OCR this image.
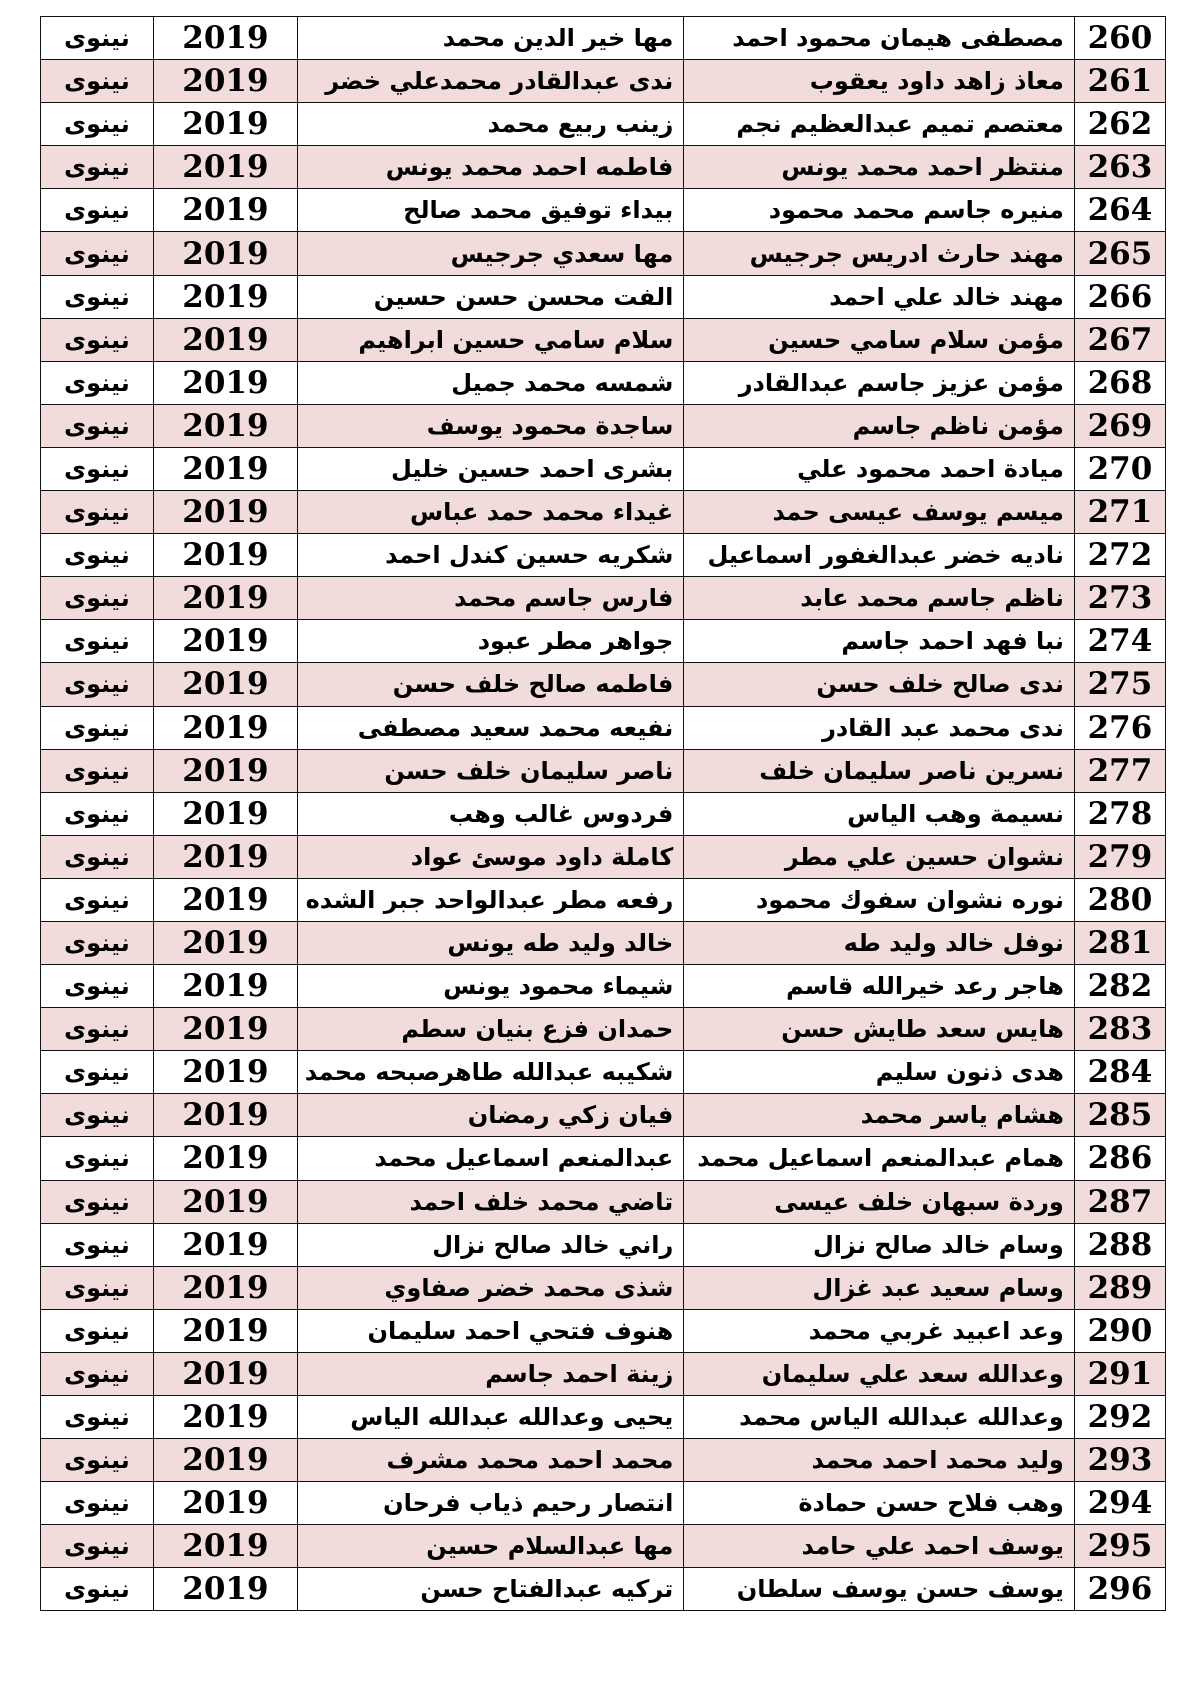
260	مصطفى هيمان محمود احمد	مها خير الدين محمد	2019	نينوى
261	معاذ زاهد داود يعقوب	ندى عبدالقادر محمدعلي خضر	2019	نينوى
262	معتصم تميم عبدالعظيم نجم	زينب ربيع محمد	2019	نينوى
263	منتظر احمد محمد يونس	فاطمه احمد محمد يونس	2019	نينوى
264	منيره جاسم محمد محمود	بيداء توفيق محمد صالح	2019	نينوى
265	مهند حارث ادريس جرجيس	مها سعدي جرجيس	2019	نينوى
266	مهند خالد علي احمد	الفت محسن حسن حسين	2019	نينوى
267	مؤمن سلام سامي حسين	سلام سامي حسين ابراهيم	2019	نينوى
268	مؤمن عزيز جاسم عبدالقادر	شمسه محمد جميل	2019	نينوى
269	مؤمن ناظم جاسم	ساجدة محمود يوسف	2019	نينوى
270	ميادة احمد محمود علي	بشرى احمد حسين خليل	2019	نينوى
271	ميسم يوسف عيسى حمد	غيداء محمد حمد عباس	2019	نينوى
272	ناديه خضر عبدالغفور اسماعيل	شكريه حسين كندل احمد	2019	نينوى
273	ناظم جاسم محمد عابد	فارس جاسم محمد	2019	نينوى
274	نبا فهد احمد جاسم	جواهر مطر عبود	2019	نينوى
275	ندى صالح خلف حسن	فاطمه صالح خلف حسن	2019	نينوى
276	ندى محمد عبد القادر	نفيعه محمد سعيد مصطفى	2019	نينوى
277	نسرين ناصر سليمان خلف	ناصر سليمان خلف حسن	2019	نينوى
278	نسيمة وهب الياس	فردوس غالب وهب	2019	نينوى
279	نشوان حسين علي مطر	كاملة داود موسئ عواد	2019	نينوى
280	نوره نشوان سفوك محمود	رفعه مطر عبدالواحد جبر الشده	2019	نينوى
281	نوفل خالد وليد طه	خالد وليد طه يونس	2019	نينوى
282	هاجر رعد خيرالله قاسم	شيماء محمود يونس	2019	نينوى
283	هايس سعد طايش حسن	حمدان فزع بنيان سطم	2019	نينوى
284	هدى ذنون سليم	شكيبه عبدالله طاهرصبحه محمد	2019	نينوى
285	هشام ياسر محمد	فيان زكي رمضان	2019	نينوى
286	همام عبدالمنعم اسماعيل محمد	عبدالمنعم اسماعيل محمد	2019	نينوى
287	وردة سبهان خلف عيسى	تاضي محمد خلف احمد	2019	نينوى
288	وسام خالد صالح نزال	راني خالد صالح نزال	2019	نينوى
289	وسام سعيد عبد غزال	شذى محمد خضر صفاوي	2019	نينوى
290	وعد اعبيد غربي محمد	هنوف فتحي احمد سليمان	2019	نينوى
291	وعدالله سعد علي سليمان	زينة احمد جاسم	2019	نينوى
292	وعدالله عبدالله الياس محمد	يحيى وعدالله عبدالله الياس	2019	نينوى
293	وليد محمد احمد محمد	محمد احمد محمد مشرف	2019	نينوى
294	وهب فلاح حسن حمادة	انتصار رحيم ذياب فرحان	2019	نينوى
295	يوسف احمد علي حامد	مها عبدالسلام حسين	2019	نينوى
296	يوسف حسن يوسف سلطان	تركيه عبدالفتاح حسن	2019	نينوى
